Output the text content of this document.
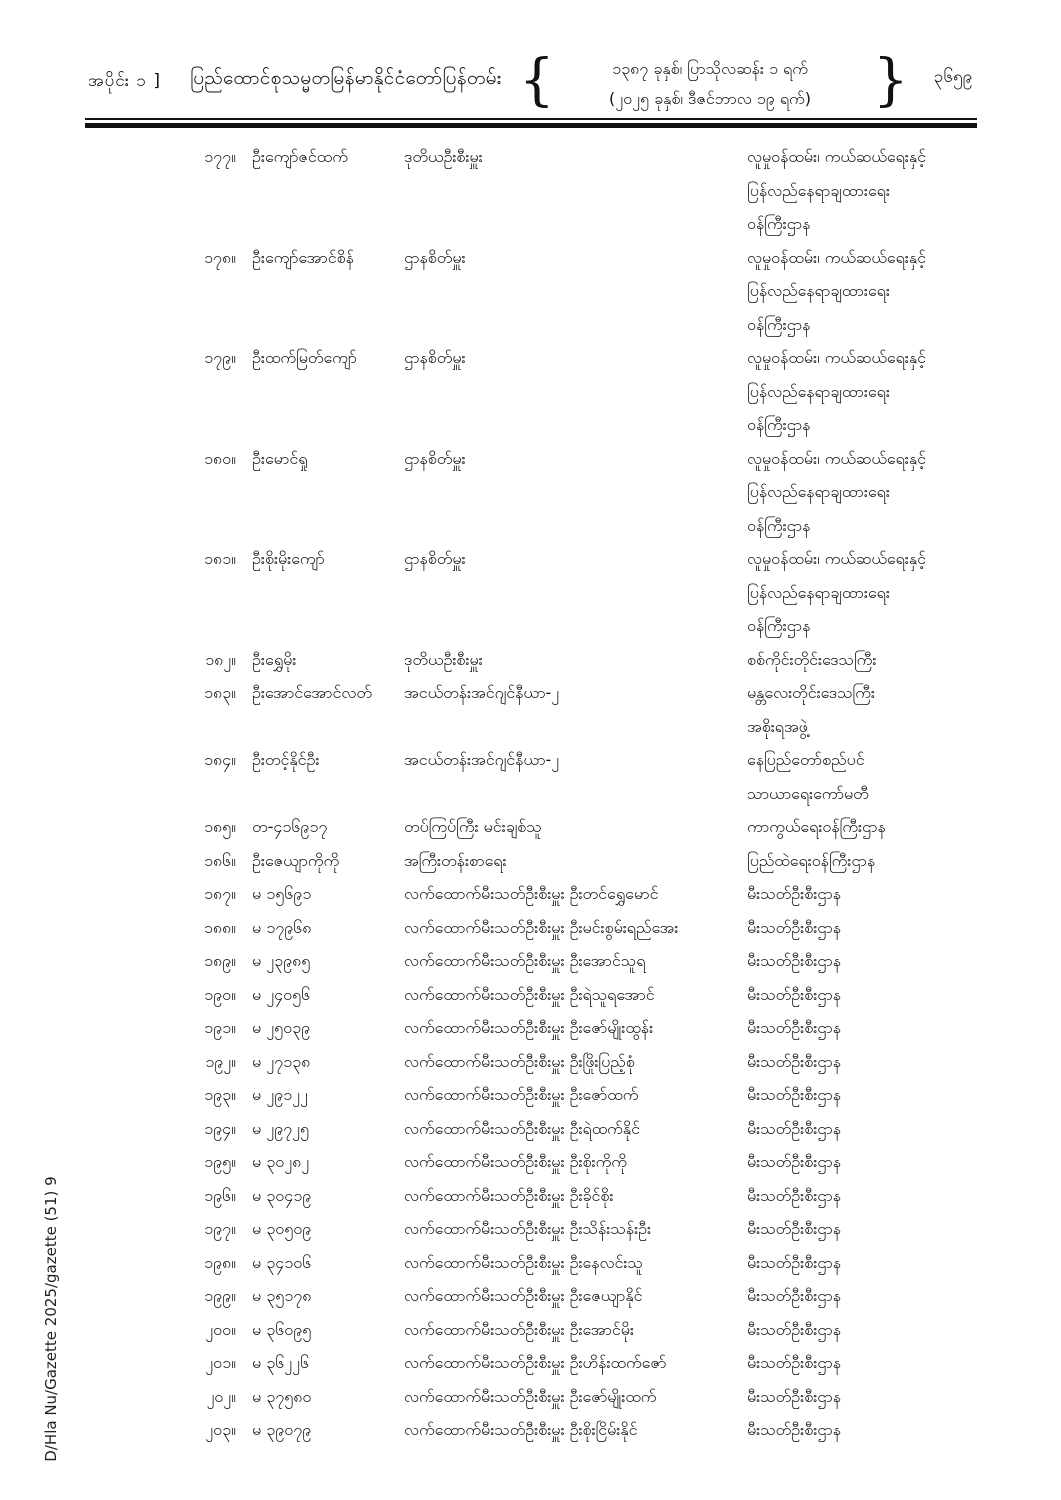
အပိုင်း ၁ ] ပြည်ထောင်စုသမ္မတမြန်မာနိုင်ငံတော်ပြန်တမ်း {	၁၃၈၇ ခုနှစ်၊ ပြာသိုလဆန်း ၁ ရက်
(၂၀၂၅ ခုနှစ်၊ ဒီဇင်ဘာလ ၁၉ ရက်)	}	၃၆၅၉
D/Hla Nu/Gazette 2025/gazette (51) 9
၁၇၇။	ဦးကျော်ဇင်ထက်	ဒုတိယဦးစီးမှူး	လူမှုဝန်ထမ်း၊ ကယ်ဆယ်ရေးနှင့်
ပြန်လည်နေရာချထားရေး
ဝန်ကြီးဌာန
၁၇၈။	ဦးကျော်အောင်စိန်	ဌာနစိတ်မှူး	လူမှုဝန်ထမ်း၊ ကယ်ဆယ်ရေးနှင့်
ပြန်လည်နေရာချထားရေး
ဝန်ကြီးဌာန
၁၇၉။	ဦးထက်မြတ်ကျော်	ဌာနစိတ်မှူး	လူမှုဝန်ထမ်း၊ ကယ်ဆယ်ရေးနှင့်
ပြန်လည်နေရာချထားရေး
ဝန်ကြီးဌာန
၁၈၀။	ဦးမောင်ရှု	ဌာနစိတ်မှူး	လူမှုဝန်ထမ်း၊ ကယ်ဆယ်ရေးနှင့်
ပြန်လည်နေရာချထားရေး
ဝန်ကြီးဌာန
၁၈၁။	ဦးစိုးမိုးကျော်	ဌာနစိတ်မှူး	လူမှုဝန်ထမ်း၊ ကယ်ဆယ်ရေးနှင့်
ပြန်လည်နေရာချထားရေး
ဝန်ကြီးဌာန
၁၈၂။	ဦးရွှေမိုး	ဒုတိယဦးစီးမှူး	စစ်ကိုင်းတိုင်းဒေသကြီး
၁၈၃။	ဦးအောင်အောင်လတ်	အငယ်တန်းအင်ဂျင်နီယာ-၂	မန္တလေးတိုင်းဒေသကြီး
အစိုးရအဖွဲ့
၁၈၄။	ဦးတင့်နိုင်ဦး	အငယ်တန်းအင်ဂျင်နီယာ-၂	နေပြည်တော်စည်ပင်
သာယာရေးကော်မတီ
၁၈၅။	တ-၄၁၆၉၁၇	တပ်ကြပ်ကြီး မင်းချစ်သူ	ကာကွယ်ရေးဝန်ကြီးဌာန
၁၈၆။	ဦးဇေယျာကိုကို	အကြီးတန်းစာရေး	ပြည်ထဲရေးဝန်ကြီးဌာန
၁၈၇။	မ ၁၅၆၉၁	လက်ထောက်မီးသတ်ဦးစီးမှူး ဦးတင်ရွှေမောင်	မီးသတ်ဦးစီးဌာန
၁၈၈။	မ ၁၇၉၆၈	လက်ထောက်မီးသတ်ဦးစီးမှူး ဦးမင်းစွမ်းရည်အေး	မီးသတ်ဦးစီးဌာန
၁၈၉။	မ ၂၃၉၈၅	လက်ထောက်မီးသတ်ဦးစီးမှူး ဦးအောင်သူရ	မီးသတ်ဦးစီးဌာန
၁၉၀။	မ ၂၄၀၅၆	လက်ထောက်မီးသတ်ဦးစီးမှူး ဦးရဲသူရအောင်	မီးသတ်ဦးစီးဌာန
၁၉၁။	မ ၂၅၀၃၉	လက်ထောက်မီးသတ်ဦးစီးမှူး ဦးဇော်မျိုးထွန်း	မီးသတ်ဦးစီးဌာန
၁၉၂။	မ ၂၇၁၃၈	လက်ထောက်မီးသတ်ဦးစီးမှူး ဦးဖြိုးပြည့်စုံ	မီးသတ်ဦးစီးဌာန
၁၉၃။	မ ၂၉၁၂၂	လက်ထောက်မီးသတ်ဦးစီးမှူး ဦးဇော်ထက်	မီးသတ်ဦးစီးဌာန
၁၉၄။	မ ၂၉၇၂၅	လက်ထောက်မီးသတ်ဦးစီးမှူး ဦးရဲထက်နိုင်	မီးသတ်ဦးစီးဌာန
၁၉၅။	မ ၃၀၂၈၂	လက်ထောက်မီးသတ်ဦးစီးမှူး ဦးစိုးကိုကို	မီးသတ်ဦးစီးဌာန
၁၉၆။	မ ၃၀၄၁၉	လက်ထောက်မီးသတ်ဦးစီးမှူး ဦးခိုင်စိုး	မီးသတ်ဦးစီးဌာန
၁၉၇။	မ ၃၀၅၀၉	လက်ထောက်မီးသတ်ဦးစီးမှူး ဦးသိန်းသန်းဦး	မီးသတ်ဦးစီးဌာန
၁၉၈။	မ ၃၄၁၀၆	လက်ထောက်မီးသတ်ဦးစီးမှူး ဦးနေလင်းသူ	မီးသတ်ဦးစီးဌာန
၁၉၉။	မ ၃၅၁၇၈	လက်ထောက်မီးသတ်ဦးစီးမှူး ဦးဇေယျာနိုင်	မီးသတ်ဦးစီးဌာန
၂၀၀။	မ ၃၆၀၉၅	လက်ထောက်မီးသတ်ဦးစီးမှူး ဦးအောင်မိုး	မီးသတ်ဦးစီးဌာန
၂၀၁။	မ ၃၆၂၂၆	လက်ထောက်မီးသတ်ဦးစီးမှူး ဦးဟိန်းထက်ဇော်	မီးသတ်ဦးစီးဌာန
၂၀၂။	မ ၃၇၅၈၀	လက်ထောက်မီးသတ်ဦးစီးမှူး ဦးဇော်မျိုးထက်	မီးသတ်ဦးစီးဌာန
၂၀၃။	မ ၃၉၀၇၉	လက်ထောက်မီးသတ်ဦးစီးမှူး ဦးစိုးငြိမ်းနိုင်	မီးသတ်ဦးစီးဌာန
